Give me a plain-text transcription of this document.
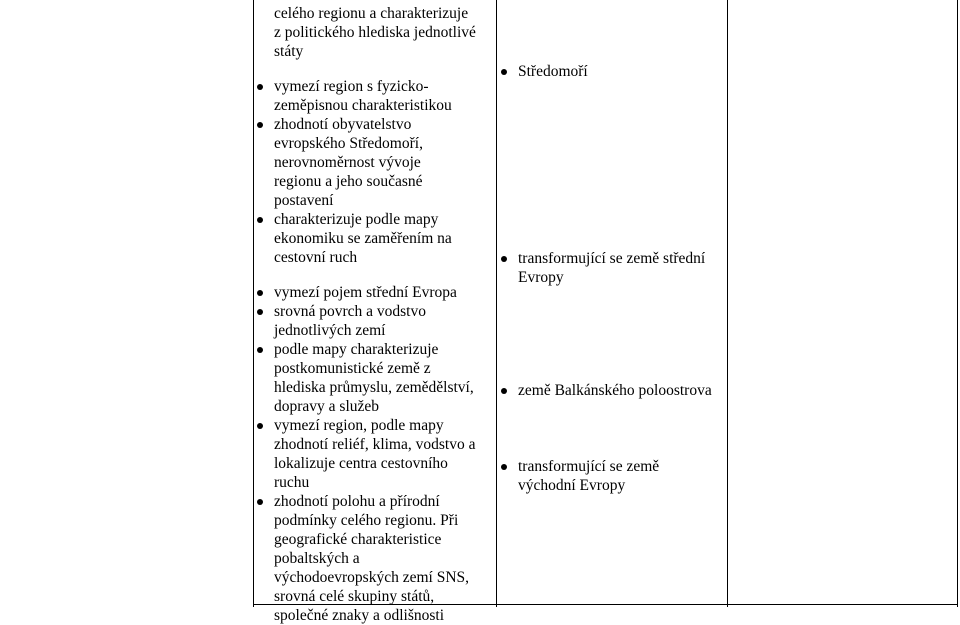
celého regionu a charakterizuje
z politického hlediska jednotlivé
státy
vymezí region s fyzicko-zeměpisnou charakteristikou
zhodnotí obyvatelstvo evropského Středomoří, nerovnoměrnost vývoje regionu a jeho současné postavení
charakterizuje podle mapy ekonomiku se zaměřením na cestovní ruch
vymezí pojem střední Evropa
srovná povrch a vodstvo jednotlivých zemí
podle mapy charakterizuje postkomunistické země z hlediska průmyslu, zemědělství, dopravy a služeb
vymezí region, podle mapy zhodnotí reliéf, klima, vodstvo a lokalizuje centra cestovního ruchu
zhodnotí polohu a přírodní podmínky celého regionu. Při geografické charakteristice pobaltských a východoevropských zemí SNS, srovná celé skupiny států, společné znaky a odlišnosti
Středomoří
transformující se země střední Evropy
země Balkánského poloostrova
transformující se země východní Evropy
